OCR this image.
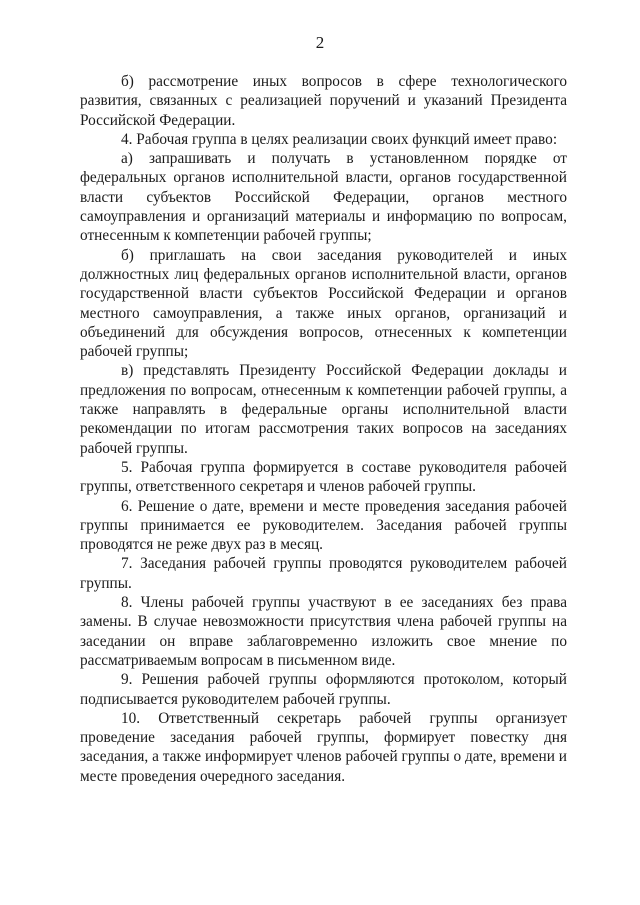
2

б) рассмотрение иных вопросов в сфере технологического развития, связанных с реализацией поручений и указаний Президента Российской Федерации.

4. Рабочая группа в целях реализации своих функций имеет право:

а) запрашивать и получать в установленном порядке от федеральных органов исполнительной власти, органов государственной власти субъектов Российской Федерации, органов местного самоуправления и организаций материалы и информацию по вопросам, отнесенным к компетенции рабочей группы;

б) приглашать на свои заседания руководителей и иных должностных лиц федеральных органов исполнительной власти, органов государственной власти субъектов Российской Федерации и органов местного самоуправления, а также иных органов, организаций и объединений для обсуждения вопросов, отнесенных к компетенции рабочей группы;

в) представлять Президенту Российской Федерации доклады и предложения по вопросам, отнесенным к компетенции рабочей группы, а также направлять в федеральные органы исполнительной власти рекомендации по итогам рассмотрения таких вопросов на заседаниях рабочей группы.

5. Рабочая группа формируется в составе руководителя рабочей группы, ответственного секретаря и членов рабочей группы.

6. Решение о дате, времени и месте проведения заседания рабочей группы принимается ее руководителем. Заседания рабочей группы проводятся не реже двух раз в месяц.

7. Заседания рабочей группы проводятся руководителем рабочей группы.

8. Члены рабочей группы участвуют в ее заседаниях без права замены. В случае невозможности присутствия члена рабочей группы на заседании он вправе заблаговременно изложить свое мнение по рассматриваемым вопросам в письменном виде.

9. Решения рабочей группы оформляются протоколом, который подписывается руководителем рабочей группы.

10. Ответственный секретарь рабочей группы организует проведение заседания рабочей группы, формирует повестку дня заседания, а также информирует членов рабочей группы о дате, времени и месте проведения очередного заседания.
